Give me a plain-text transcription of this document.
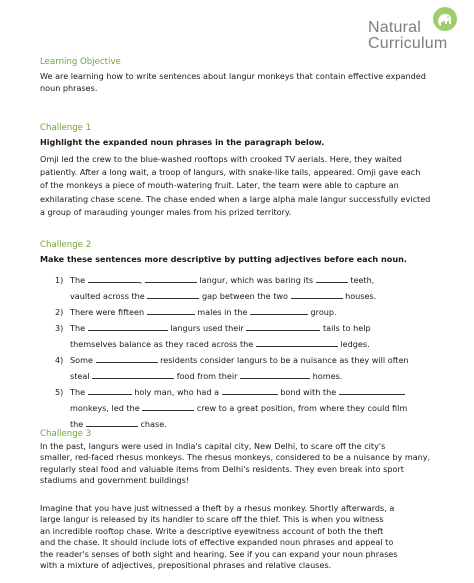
Natural
Curriculum
Learning Objective
We are learning how to write sentences about langur monkeys that contain effective expanded
noun phrases.
Challenge 1
Highlight the expanded noun phrases in the paragraph below.
Omji led the crew to the blue-washed rooftops with crooked TV aerials. Here, they waited
patiently. After a long wait, a troop of langurs, with snake-like tails, appeared. Omji gave each
of the monkeys a piece of mouth-watering fruit. Later, the team were able to capture an
exhilarating chase scene. The chase ended when a large alpha male langur successfully evicted
a group of marauding younger males from his prized territory.
Challenge 2
Make these sentences more descriptive by putting adjectives before each noun.
1) The	,	langur, which was baring its	teeth,
vaulted across the	gap between the two	houses.
2) There were fifteen	males in the	group.
3) The	langurs used their	tails to help
themselves balance as they raced across the	ledges.
4) Some	residents consider langurs to be a nuisance as they will often
steal	food from their	homes.
5) The	holy man, who had a	bond with the
monkeys, led the	crew to a great position, from where they could film
the	chase.
Challenge 3
In the past, langurs were used in India's capital city, New Delhi, to scare off the city's
smaller, red-faced rhesus monkeys. The rhesus monkeys, considered to be a nuisance by many,
regularly steal food and valuable items from Delhi's residents. They even break into sport
stadiums and government buildings!
Imagine that you have just witnessed a theft by a rhesus monkey. Shortly afterwards, a
large langur is released by its handler to scare off the thief. This is when you witness
an incredible rooftop chase. Write a descriptive eyewitness account of both the theft
and the chase. It should include lots of effective expanded noun phrases and appeal to
the reader's senses of both sight and hearing. See if you can expand your noun phrases
with a mixture of adjectives, prepositional phrases and relative clauses.
